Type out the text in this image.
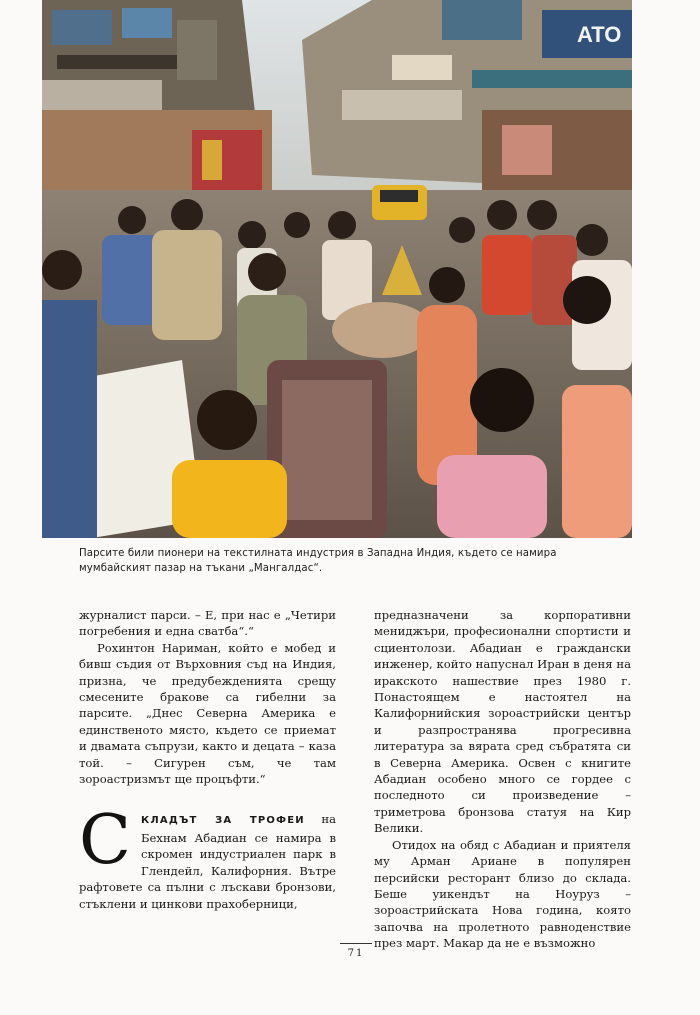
ATO
Парсите били пионери на текстилната индустрия в Западна Индия, където се намира мумбайският пазар на тъкани „Мангалдас“.

журналист парси. – Е, при нас е „Четири погребения и една сватба“.“

Рохинтон Нариман, който е мобед и бивш съдия от Върховния съд на Индия, призна, че предубежденията срещу смесените бракове са гибелни за парсите. „Днес Северна Америка е единственото място, където се приемат и двамата съпрузи, както и децата – каза той. – Сигурен съм, че там зороастризмът ще процъфти.“

С КЛАДЪТ ЗА ТРОФЕИ на Бехнам Абадиан се намира в скромен индустриален парк в Глендейл, Калифорния. Вътре рафтовете са пълни с лъскави бронзови, стъклени и цинкови прахоберници,

предназначени за корпоративни мениджъри, професионални спортисти и сциентолози. Абадиан е граждански инженер, който напуснал Иран в деня на иракското нашествие през 1980 г. Понастоящем е настоятел на Калифорнийския зороастрийски център и разпространява прогресивна литература за вярата сред събратята си в Северна Америка. Освен с книгите Абадиан особено много се гордее с последното си произведение – триметрова бронзова статуя на Кир Велики.

Отидох на обяд с Абадиан и приятеля му Арман Ариане в популярен персийски ресторант близо до склада. Беше уикендът на Ноуруз – зороастрийската Нова година, която започва на пролетното равноденствие през март. Макар да не е възможно

71
